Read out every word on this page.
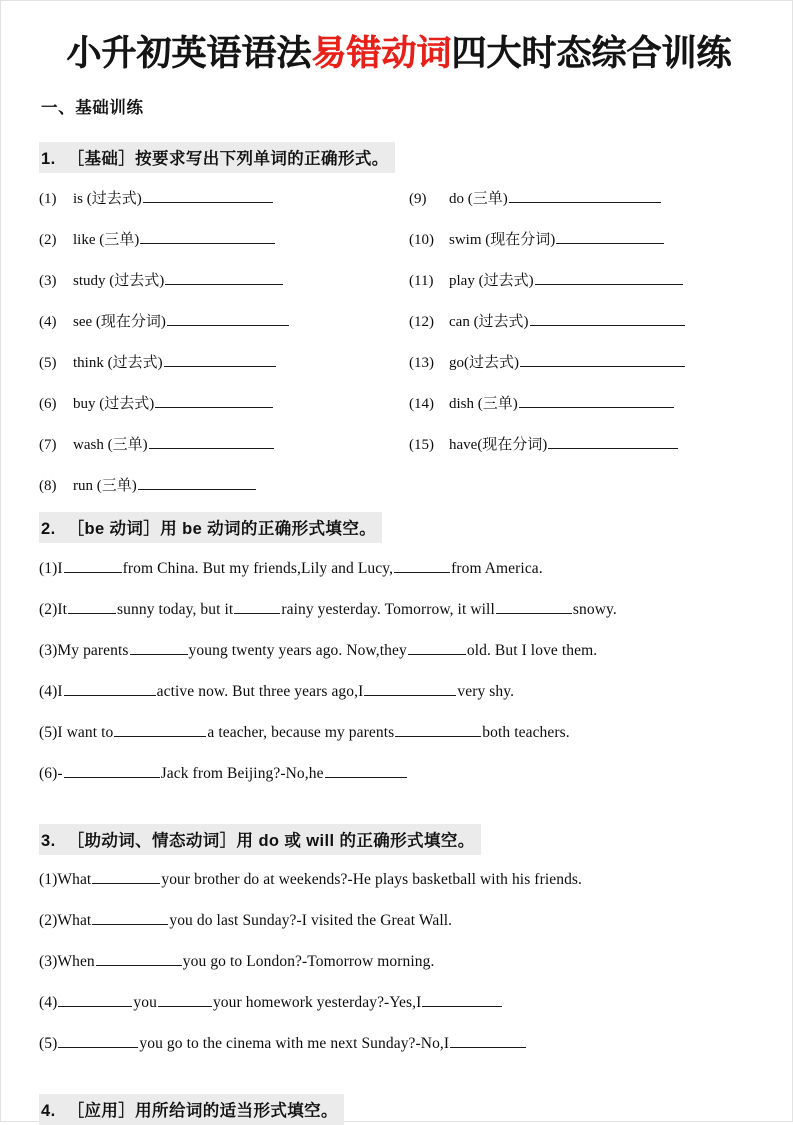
小升初英语语法易错动词四大时态综合训练
一、基础训练
1. ［基础］按要求写出下列单词的正确形式。
(1)	is (过去式)
(2)	like (三单)
(3)	study (过去式)
(4)	see (现在分词)
(5)	think (过去式)
(6)	buy (过去式)
(7)	wash (三单)
(8)	run (三单)
(9)	do (三单)
(10)	swim (现在分词)
(11)	play (过去式)
(12)	can (过去式)
(13)	go(过去式)
(14)	dish (三单)
(15)	have(现在分词)
2. ［be 动词］用 be 动词的正确形式填空。
(1)I	from China. But my friends,Lily and Lucy,	from America.
(2)It	sunny today, but it	rainy yesterday. Tomorrow, it will	snowy.
(3)My parents	young twenty years ago. Now,they	old. But I love them.
(4)I	active now. But three years ago,I	very shy.
(5)I want to	a teacher, because my parents	both teachers.
(6)-	Jack from Beijing?-No,he
3. ［助动词、情态动词］用 do 或 will 的正确形式填空。
(1)What	your brother do at weekends?-He plays basketball with his friends.
(2)What	you do last Sunday?-I visited the Great Wall.
(3)When	you go to London?-Tomorrow morning.
(4)	you	your homework yesterday?-Yes,I
(5)	you go to the cinema with me next Sunday?-No,I
4. ［应用］用所给词的适当形式填空。
